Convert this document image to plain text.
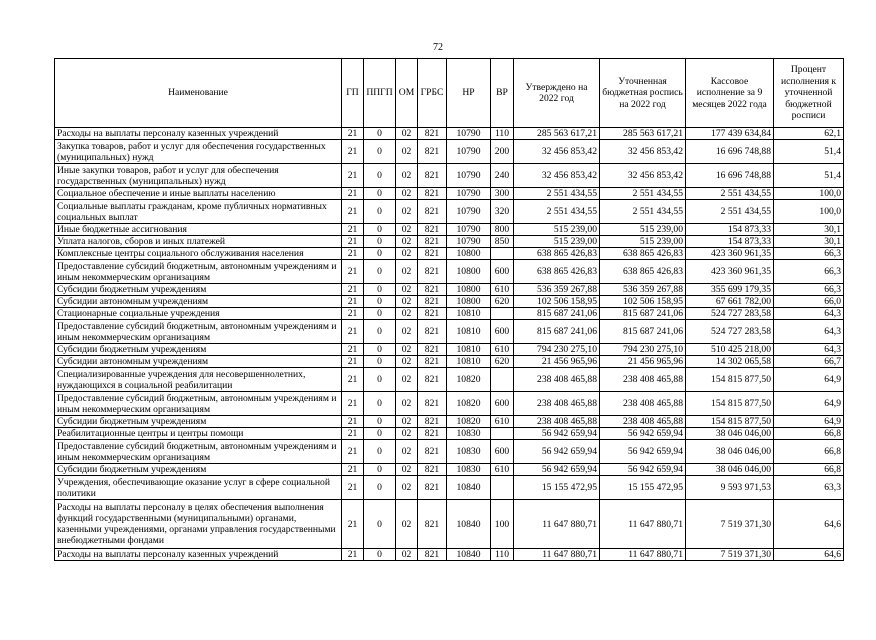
72
Наименование	ГП	ППГП	ОМ	ГРБС	НР	ВР	Утверждено на 2022 год	Уточненная бюджетная роспись на 2022 год	Кассовое исполнение за 9 месяцев 2022 года	Процент исполнения к уточненной бюджетной росписи
Расходы на выплаты персоналу казенных учреждений	21	0	02	821	10790	110	285 563 617,21	285 563 617,21	177 439 634,84	62,1
Закупка товаров, работ и услуг для обеспечения государственных (муниципальных) нужд	21	0	02	821	10790	200	32 456 853,42	32 456 853,42	16 696 748,88	51,4
Иные закупки товаров, работ и услуг для обеспечения государственных (муниципальных) нужд	21	0	02	821	10790	240	32 456 853,42	32 456 853,42	16 696 748,88	51,4
Социальное обеспечение и иные выплаты населению	21	0	02	821	10790	300	2 551 434,55	2 551 434,55	2 551 434,55	100,0
Социальные выплаты гражданам, кроме публичных нормативных социальных выплат	21	0	02	821	10790	320	2 551 434,55	2 551 434,55	2 551 434,55	100,0
Иные бюджетные ассигнования	21	0	02	821	10790	800	515 239,00	515 239,00	154 873,33	30,1
Уплата налогов, сборов и иных платежей	21	0	02	821	10790	850	515 239,00	515 239,00	154 873,33	30,1
Комплексные центры социального обслуживания населения	21	0	02	821	10800		638 865 426,83	638 865 426,83	423 360 961,35	66,3
Предоставление субсидий бюджетным, автономным учреждениям и иным некоммерческим организациям	21	0	02	821	10800	600	638 865 426,83	638 865 426,83	423 360 961,35	66,3
Субсидии бюджетным учреждениям	21	0	02	821	10800	610	536 359 267,88	536 359 267,88	355 699 179,35	66,3
Субсидии автономным учреждениям	21	0	02	821	10800	620	102 506 158,95	102 506 158,95	67 661 782,00	66,0
Стационарные социальные учреждения	21	0	02	821	10810		815 687 241,06	815 687 241,06	524 727 283,58	64,3
Предоставление субсидий бюджетным, автономным учреждениям и иным некоммерческим организациям	21	0	02	821	10810	600	815 687 241,06	815 687 241,06	524 727 283,58	64,3
Субсидии бюджетным учреждениям	21	0	02	821	10810	610	794 230 275,10	794 230 275,10	510 425 218,00	64,3
Субсидии автономным учреждениям	21	0	02	821	10810	620	21 456 965,96	21 456 965,96	14 302 065,58	66,7
Специализированные учреждения для несовершеннолетних, нуждающихся в социальной реабилитации	21	0	02	821	10820		238 408 465,88	238 408 465,88	154 815 877,50	64,9
Предоставление субсидий бюджетным, автономным учреждениям и иным некоммерческим организациям	21	0	02	821	10820	600	238 408 465,88	238 408 465,88	154 815 877,50	64,9
Субсидии бюджетным учреждениям	21	0	02	821	10820	610	238 408 465,88	238 408 465,88	154 815 877,50	64,9
Реабилитационные центры и центры помощи	21	0	02	821	10830		56 942 659,94	56 942 659,94	38 046 046,00	66,8
Предоставление субсидий бюджетным, автономным учреждениям и иным некоммерческим организациям	21	0	02	821	10830	600	56 942 659,94	56 942 659,94	38 046 046,00	66,8
Субсидии бюджетным учреждениям	21	0	02	821	10830	610	56 942 659,94	56 942 659,94	38 046 046,00	66,8
Учреждения, обеспечивающие оказание услуг в сфере социальной политики	21	0	02	821	10840		15 155 472,95	15 155 472,95	9 593 971,53	63,3
Расходы на выплаты персоналу в целях обеспечения выполнения функций государственными (муниципальными) органами, казенными учреждениями, органами управления государственными внебюджетными фондами	21	0	02	821	10840	100	11 647 880,71	11 647 880,71	7 519 371,30	64,6
Расходы на выплаты персоналу казенных учреждений	21	0	02	821	10840	110	11 647 880,71	11 647 880,71	7 519 371,30	64,6
